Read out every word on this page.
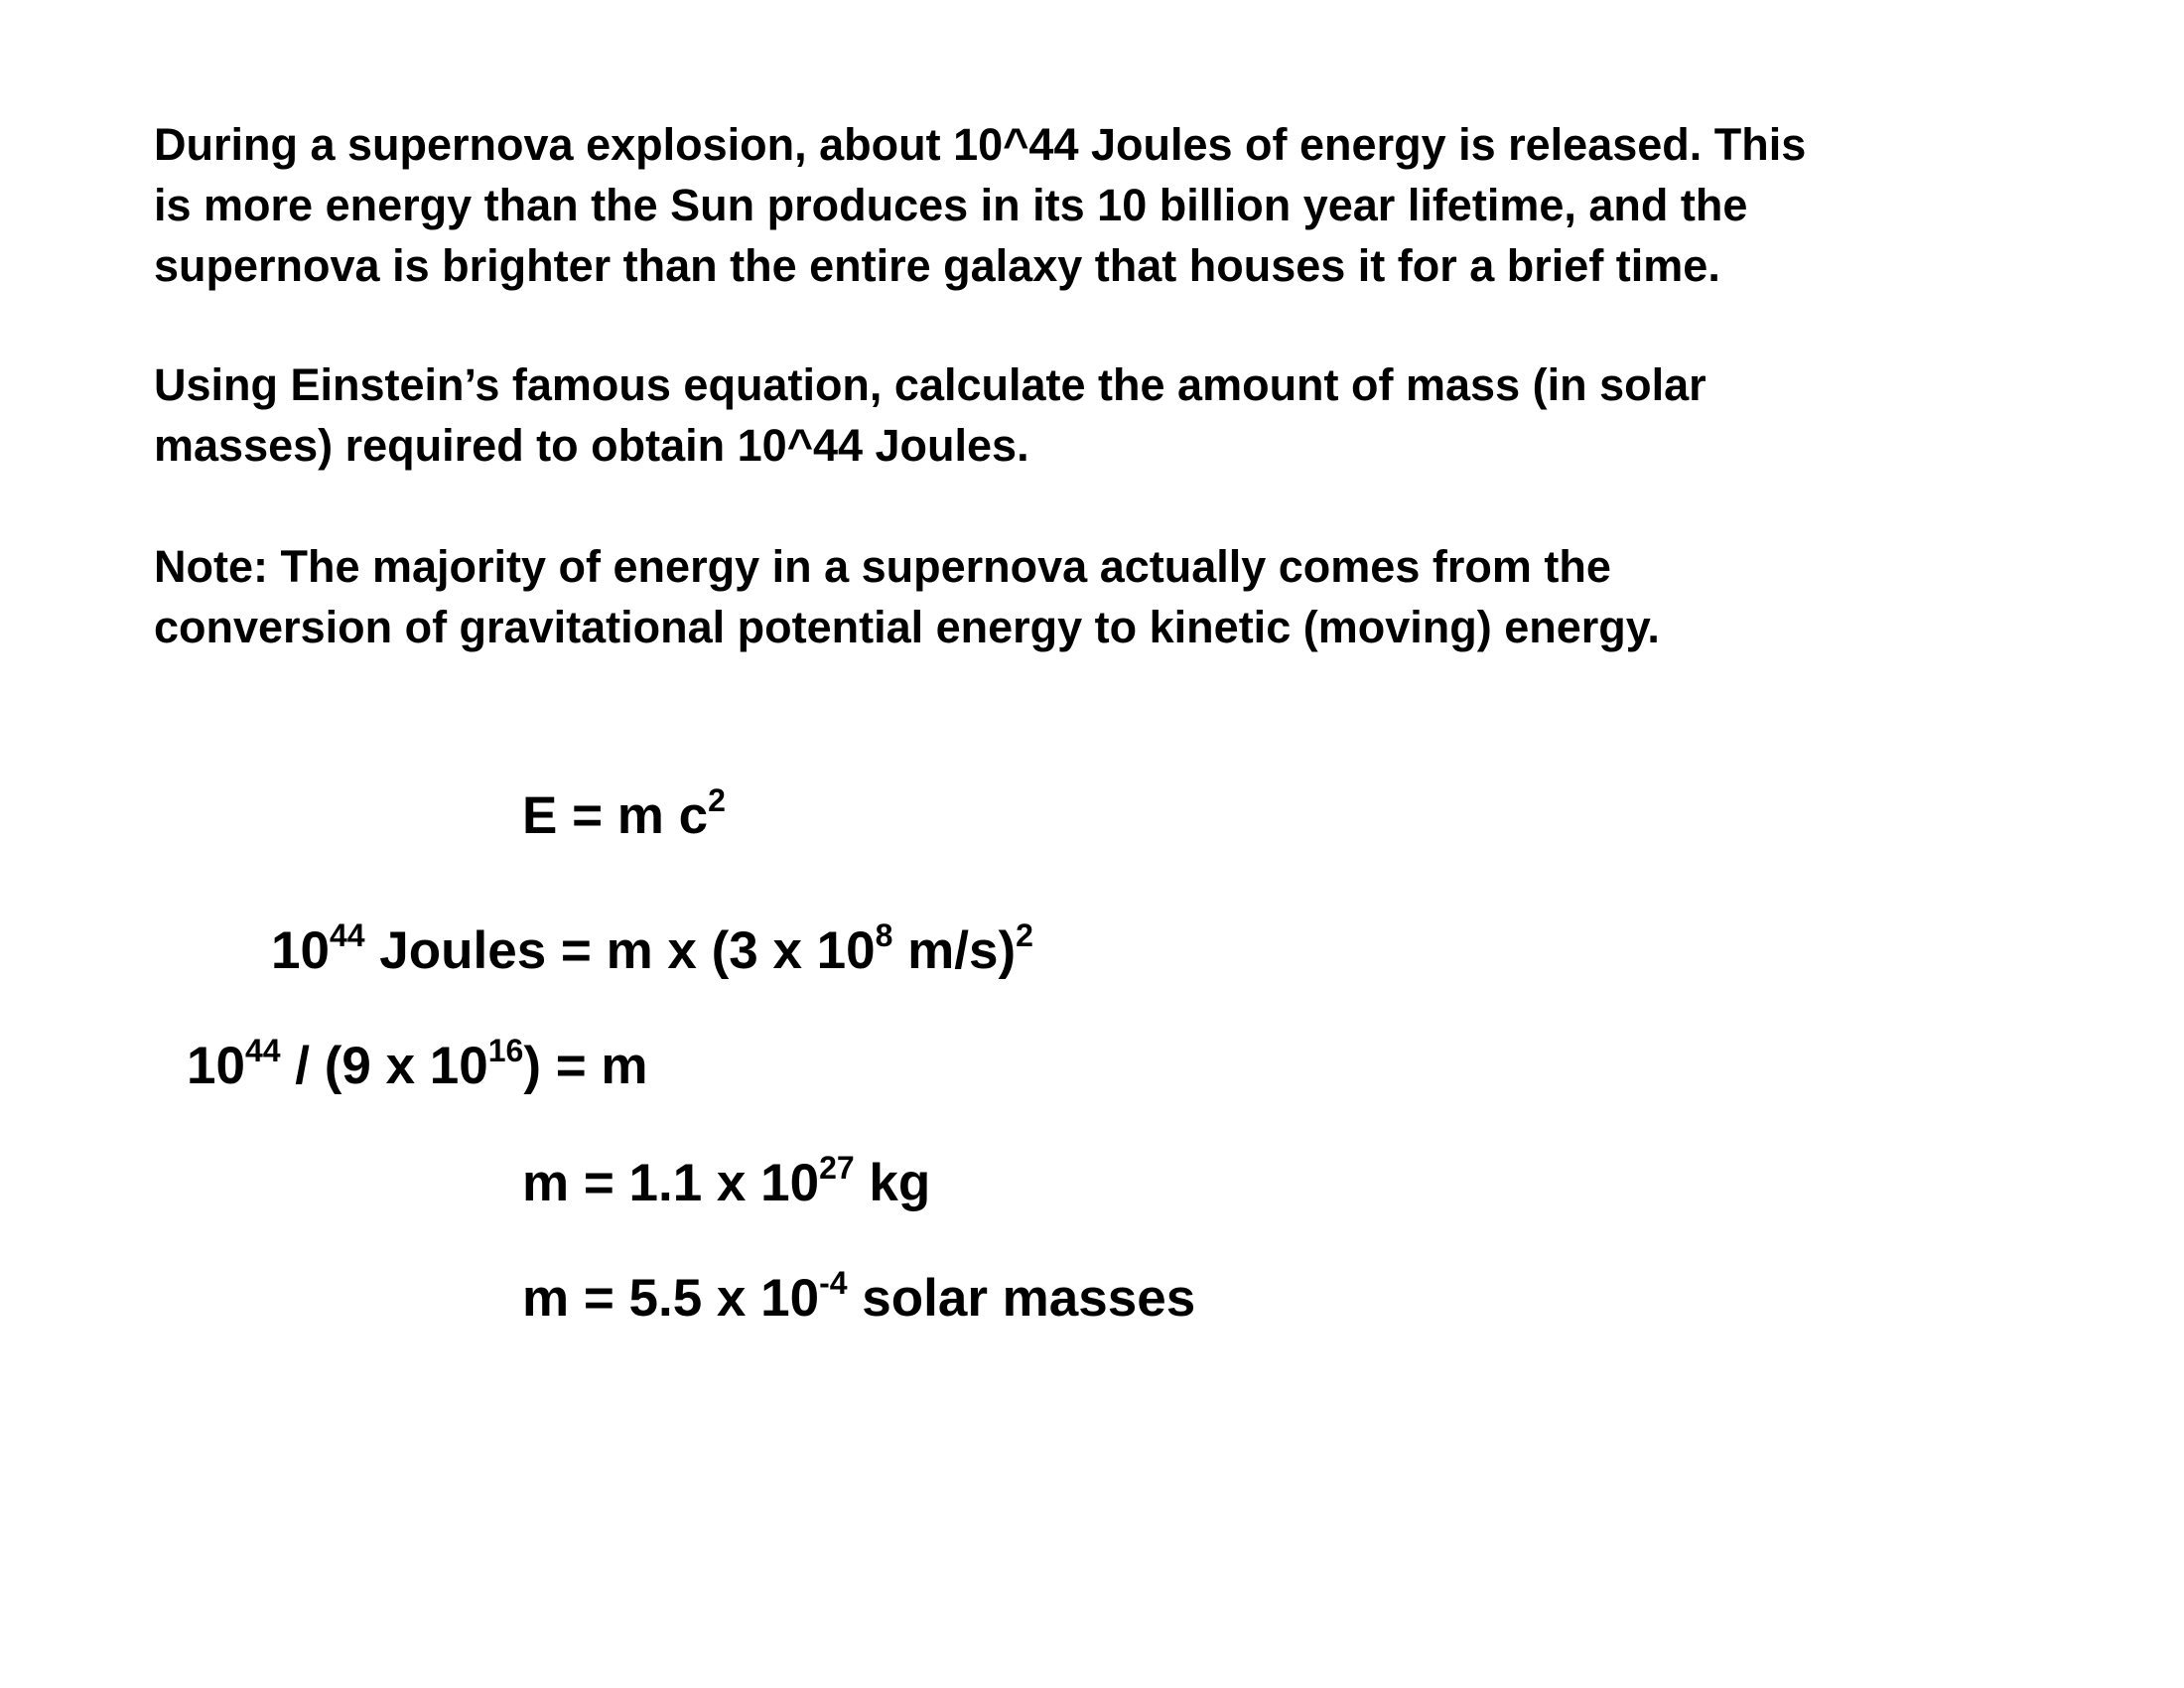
During a supernova explosion, about 10^44 Joules of energy is released. This
is more energy than the Sun produces in its 10 billion year lifetime, and the
supernova is brighter than the entire galaxy that houses it for a brief time.
Using Einstein’s famous equation, calculate the amount of mass (in solar
masses) required to obtain 10^44 Joules.
Note: The majority of energy in a supernova actually comes from the
conversion of gravitational potential energy to kinetic (moving) energy.
E = m $c^2$
$10^{44}$ Joules = m x (3 x $10^8$ m/s)$^2$
$10^{44} / (9$ x $10^{16}) = m$
m = 1.1 x $10^{27}$ kg
m = 5.5 x $10^{-4}$ solar masses
